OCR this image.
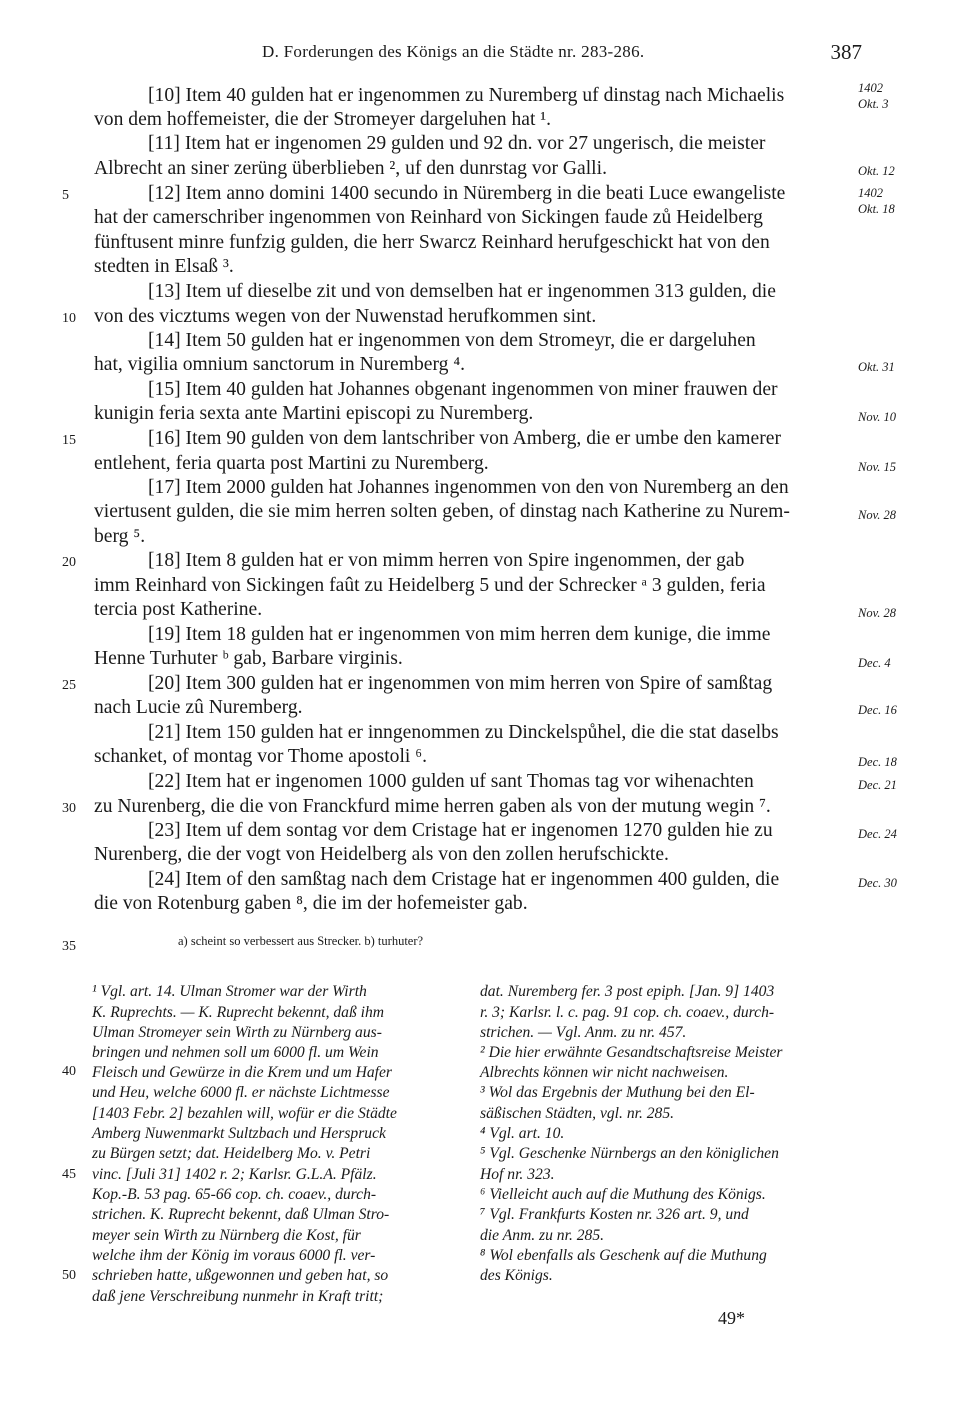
D. Forderungen des Königs an die Städte nr. 283-286.	387
[10] Item 40 gulden hat er ingenommen zu Nuremberg uf dinstag nach Michaelis
von dem hoffemeister, die der Stromeyer dargeluhen hat ¹.
[11] Item hat er ingenomen 29 gulden und 92 dn. vor 27 ungerisch, die meister
Albrecht an siner zerüng überblieben ², uf den dunrstag vor Galli.
[12] Item anno domini 1400 secundo in Nüremberg in die beati Luce ewangeliste
hat der camerschriber ingenommen von Reinhard von Sickingen faude zů Heidelberg
fünftusent minre funfzig gulden, die herr Swarcz Reinhard herufgeschickt hat von den
stedten in Elsaß ³.
[13] Item uf dieselbe zit und von demselben hat er ingenommen 313 gulden, die
von des vicztums wegen von der Nuwenstad herufkommen sint.
[14] Item 50 gulden hat er ingenommen von dem Stromeyr, die er dargeluhen
hat, vigilia omnium sanctorum in Nuremberg ⁴.
[15] Item 40 gulden hat Johannes obgenant ingenommen von miner frauwen der
kunigin feria sexta ante Martini episcopi zu Nuremberg.
[16] Item 90 gulden von dem lantschriber von Amberg, die er umbe den kamerer
entlehent, feria quarta post Martini zu Nuremberg.
[17] Item 2000 gulden hat Johannes ingenommen von den von Nuremberg an den
viertusent gulden, die sie mim herren solten geben, of dinstag nach Katherine zu Nurem-
berg ⁵.
[18] Item 8 gulden hat er von mimm herren von Spire ingenommen, der gab
imm Reinhard von Sickingen faût zu Heidelberg 5 und der Schrecker ᵃ 3 gulden, feria
tercia post Katherine.
[19] Item 18 gulden hat er ingenommen von mim herren dem kunige, die imme
Henne Turhuter ᵇ gab, Barbare virginis.
[20] Item 300 gulden hat er ingenommen von mim herren von Spire of samßtag
nach Lucie zû Nuremberg.
[21] Item 150 gulden hat er inngenommen zu Dinckelspůhel, die die stat daselbs
schanket, of montag vor Thome apostoli ⁶.
[22] Item hat er ingenomen 1000 gulden uf sant Thomas tag vor wihenachten
zu Nurenberg, die die von Franckfurd mime herren gaben als von der mutung wegin ⁷.
[23] Item uf dem sontag vor dem Cristage hat er ingenomen 1270 gulden hie zu
Nurenberg, die der vogt von Heidelberg als von den zollen herufschickte.
[24] Item of den samßtag nach dem Cristage hat er ingenommen 400 gulden, die
die von Rotenburg gaben ⁸, die im der hofemeister gab.
5
10
15
20
25
30
35
40
45
50
1402
Okt. 3
Okt. 12
1402
Okt. 18
Okt. 31
Nov. 10
Nov. 15
Nov. 28
Nov. 28
Dec. 4
Dec. 16
Dec. 18
Dec. 21
Dec. 24
Dec. 30
a) scheint so verbessert aus Strecker. b) turhuter?
¹ Vgl. art. 14. Ulman Stromer war der Wirth
K. Ruprechts. — K. Ruprecht bekennt, daß ihm
Ulman Stromeyer sein Wirth zu Nürnberg aus-
bringen und nehmen soll um 6000 fl. um Wein
Fleisch und Gewürze in die Krem und um Hafer
und Heu, welche 6000 fl. er nächste Lichtmesse
[1403 Febr. 2] bezahlen will, wofür er die Städte
Amberg Nuwenmarkt Sultzbach und Herspruck
zu Bürgen setzt; dat. Heidelberg Mo. v. Petri
vinc. [Juli 31] 1402 r. 2; Karlsr. G.L.A. Pfälz.
Kop.-B. 53 pag. 65-66 cop. ch. coaev., durch-
strichen. K. Ruprecht bekennt, daß Ulman Stro-
meyer sein Wirth zu Nürnberg die Kost, für
welche ihm der König im voraus 6000 fl. ver-
schrieben hatte, ußgewonnen und geben hat, so
daß jene Verschreibung nunmehr in Kraft tritt;
dat. Nuremberg fer. 3 post epiph. [Jan. 9] 1403
r. 3; Karlsr. l. c. pag. 91 cop. ch. coaev., durch-
strichen. — Vgl. Anm. zu nr. 457.
² Die hier erwähnte Gesandtschaftsreise Meister
Albrechts können wir nicht nachweisen.
³ Wol das Ergebnis der Muthung bei den El-
säßischen Städten, vgl. nr. 285.
⁴ Vgl. art. 10.
⁵ Vgl. Geschenke Nürnbergs an den königlichen
Hof nr. 323.
⁶ Vielleicht auch auf die Muthung des Königs.
⁷ Vgl. Frankfurts Kosten nr. 326 art. 9, und
die Anm. zu nr. 285.
⁸ Wol ebenfalls als Geschenk auf die Muthung
des Königs.
49*
